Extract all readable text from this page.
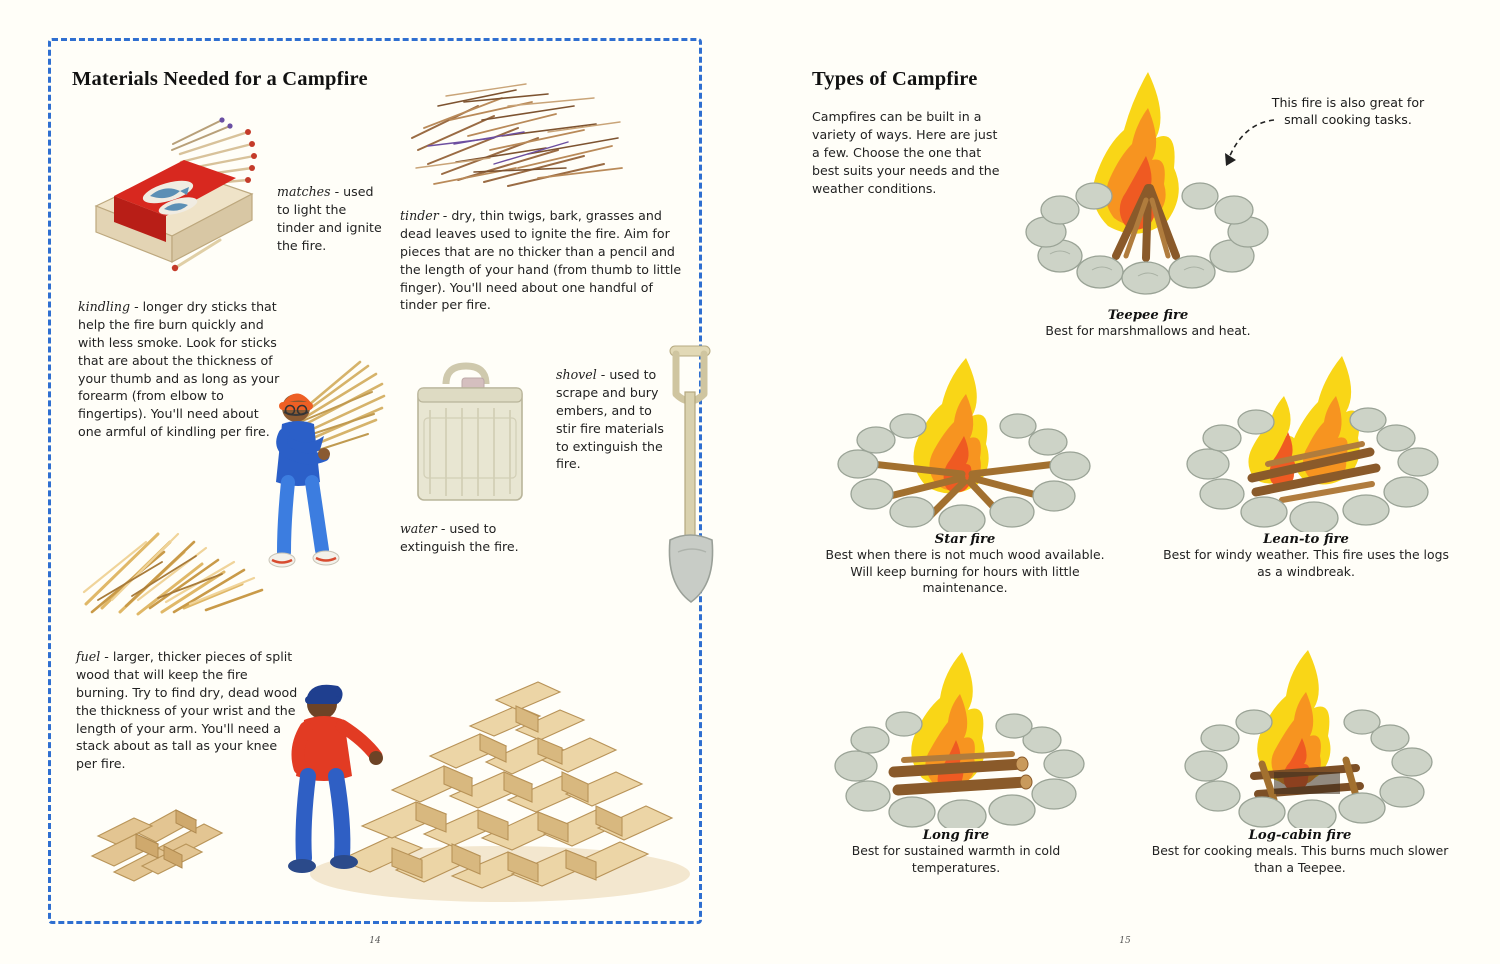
Materials Needed for a Campfire
matches - used to light the tinder and ignite the fire.
tinder - dry, thin twigs, bark, grasses and dead leaves used to ignite the fire. Aim for pieces that are no thicker than a pencil and the length of your hand (from thumb to little finger). You'll need about one handful of tinder per fire.
kindling - longer dry sticks that help the fire burn quickly and with less smoke. Look for sticks that are about the thickness of your thumb and as long as your forearm (from elbow to fingertips). You'll need about one armful of kindling per fire.
water - used to extinguish the fire.
shovel - used to scrape and bury embers, and to stir fire materials to extinguish the fire.
fuel - larger, thicker pieces of split wood that will keep the fire burning. Try to find dry, dead wood the thickness of your wrist and the length of your arm. You'll need a stack about as tall as your knee per fire.
14
Types of Campfire
Campfires can be built in a variety of ways. Here are just a few. Choose the one that best suits your needs and the weather conditions.
This fire is also great for small cooking tasks.
Teepee fire
Best for marshmallows and heat.
Star fire
Best when there is not much wood available. Will keep burning for hours with little maintenance.
Lean-to fire
Best for windy weather. This fire uses the logs as a windbreak.
Long fire
Best for sustained warmth in cold temperatures.
Log-cabin fire
Best for cooking meals. This burns much slower than a Teepee.
15
